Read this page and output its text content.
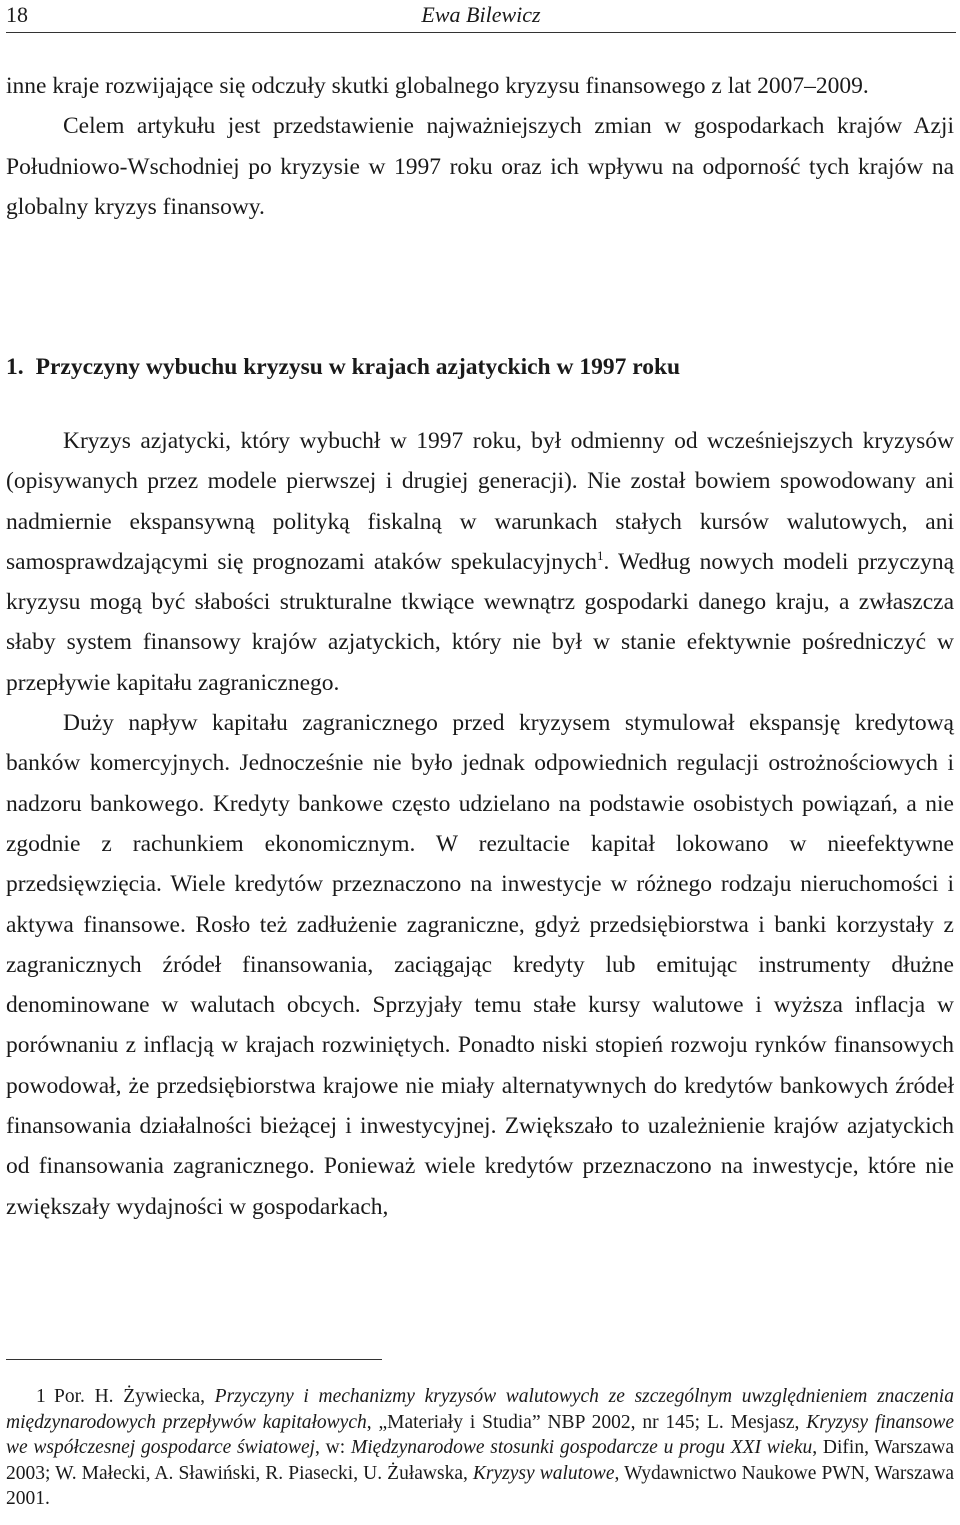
18	Ewa Bilewicz

inne kraje rozwijające się odczuły skutki globalnego kryzysu finansowego z lat 2007–2009.

Celem artykułu jest przedstawienie najważniejszych zmian w gospodarkach krajów Azji Południowo-Wschodniej po kryzysie w 1997 roku oraz ich wpływu na odporność tych krajów na globalny kryzys finansowy.

1. Przyczyny wybuchu kryzysu w krajach azjatyckich w 1997 roku

Kryzys azjatycki, który wybuchł w 1997 roku, był odmienny od wcześniejszych kryzysów (opisywanych przez modele pierwszej i drugiej generacji). Nie został bowiem spowodowany ani nadmiernie ekspansywną polityką fiskalną w warunkach stałych kursów walutowych, ani samosprawdzającymi się prognozami ataków spekulacyjnych$^1$. Według nowych modeli przyczyną kryzysu mogą być słabości strukturalne tkwiące wewnątrz gospodarki danego kraju, a zwłaszcza słaby system finansowy krajów azjatyckich, który nie był w stanie efektywnie pośredniczyć w przepływie kapitału zagranicznego.

Duży napływ kapitału zagranicznego przed kryzysem stymulował ekspansję kredytową banków komercyjnych. Jednocześnie nie było jednak odpowiednich regulacji ostrożnościowych i nadzoru bankowego. Kredyty bankowe często udzielano na podstawie osobistych powiązań, a nie zgodnie z rachunkiem ekonomicznym. W rezultacie kapitał lokowano w nieefektywne przedsięwzięcia. Wiele kredytów przeznaczono na inwestycje w różnego rodzaju nieruchomości i aktywa finansowe. Rosło też zadłużenie zagraniczne, gdyż przedsiębiorstwa i banki korzystały z zagranicznych źródeł finansowania, zaciągając kredyty lub emitując instrumenty dłużne denominowane w walutach obcych. Sprzyjały temu stałe kursy walutowe i wyższa inflacja w porównaniu z inflacją w krajach rozwiniętych. Ponadto niski stopień rozwoju rynków finansowych powodował, że przedsiębiorstwa krajowe nie miały alternatywnych do kredytów bankowych źródeł finansowania działalności bieżącej i inwestycyjnej. Zwiększało to uzależnienie krajów azjatyckich od finansowania zagranicznego. Ponieważ wiele kredytów przeznaczono na inwestycje, które nie zwiększały wydajności w gospodarkach,

1 Por. H. Żywiecka, Przyczyny i mechanizmy kryzysów walutowych ze szczególnym uwzględnieniem znaczenia międzynarodowych przepływów kapitałowych, „Materiały i Studia” NBP 2002, nr 145; L. Mesjasz, Kryzysy finansowe we współczesnej gospodarce światowej, w: Międzynarodowe stosunki gospodarcze u progu XXI wieku, Difin, Warszawa 2003; W. Małecki, A. Sławiński, R. Piasecki, U. Żuławska, Kryzysy walutowe, Wydawnictwo Naukowe PWN, Warszawa 2001.
